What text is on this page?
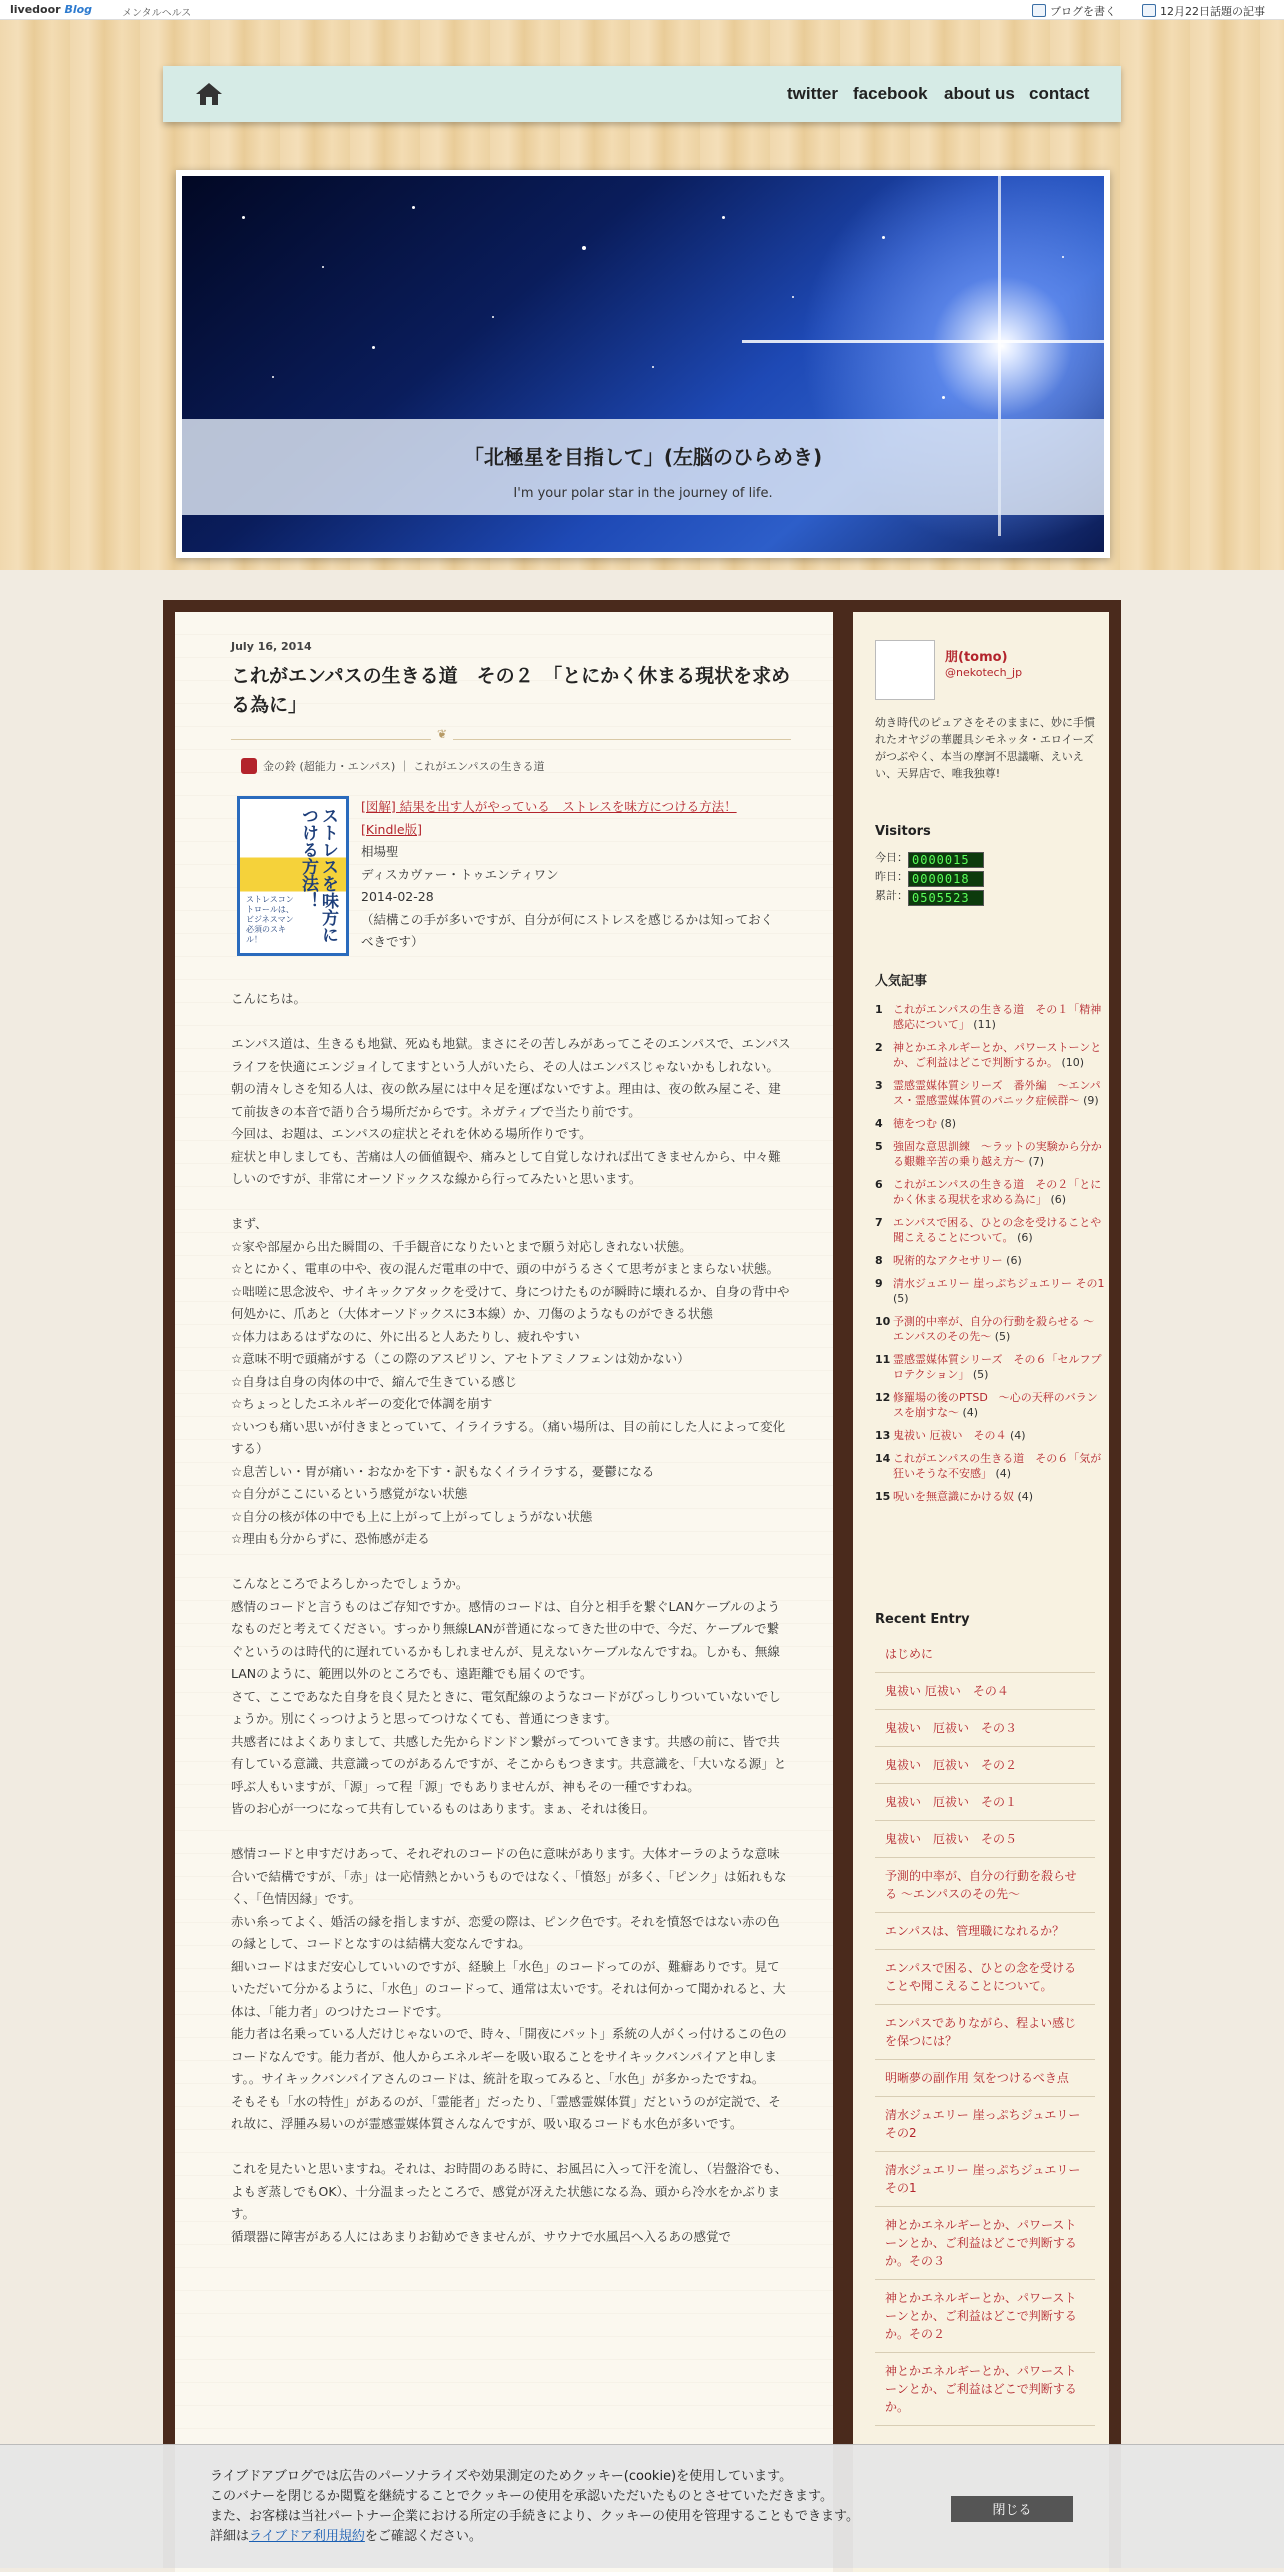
livedoor Blog	メンタルヘルス	ブログを書く	12月22日話題の記事
twitter facebook about us contact
「北極星を目指して」(左脳のひらめき)

I'm your polar star in the journey of life.

July 16, 2014
これがエンパスの生きる道　その２　「とにかく休まる現状を求める為に」
❦
金の鈴 (超能力・エンパス) ｜ これがエンパスの生きる道
ストレスを味方につける方法！
ストレスコントロールは、ビジネスマン必須のスキル！
[図解] 結果を出す人がやっている　ストレスを味方につける方法！
[Kindle版]
相場聖
ディスカヴァー・トゥエンティワン
2014-02-28
（結構この手が多いですが、自分が何にストレスを感じるかは知っておくべきです）

こんにちは。

エンパス道は、生きるも地獄、死ぬも地獄。まさにその苦しみがあってこそのエンパスで、エンパスライフを快適にエンジョイしてますという人がいたら、その人はエンパスじゃないかもしれない。朝の清々しさを知る人は、夜の飲み屋には中々足を運ばないですよ。理由は、夜の飲み屋こそ、建て前抜きの本音で語り合う場所だからです。ネガティブで当たり前です。
今回は、お題は、エンパスの症状とそれを休める場所作りです。
症状と申しましても、苦痛は人の価値観や、痛みとして自覚しなければ出てきませんから、中々難しいのですが、非常にオーソドックスな線から行ってみたいと思います。

まず、
☆家や部屋から出た瞬間の、千手観音になりたいとまで願う対応しきれない状態。
☆とにかく、電車の中や、夜の混んだ電車の中で、頭の中がうるさくて思考がまとまらない状態。
☆咄嗟に思念波や、サイキックアタックを受けて、身につけたものが瞬時に壊れるか、自身の背中や何処かに、爪あと（大体オーソドックスに3本線）か、刀傷のようなものができる状態
☆体力はあるはずなのに、外に出ると人あたりし、疲れやすい
☆意味不明で頭痛がする（この際のアスピリン、アセトアミノフェンは効かない）
☆自身は自身の肉体の中で、縮んで生きている感じ
☆ちょっとしたエネルギーの変化で体調を崩す
☆いつも痛い思いが付きまとっていて、イライラする。（痛い場所は、目の前にした人によって変化する）
☆息苦しい・胃が痛い・おなかを下す・訳もなくイライラする，憂鬱になる
☆自分がここにいるという感覚がない状態
☆自分の核が体の中でも上に上がって上がってしょうがない状態
☆理由も分からずに、恐怖感が走る

こんなところでよろしかったでしょうか。
感情のコードと言うものはご存知ですか。感情のコードは、自分と相手を繋ぐLANケーブルのようなものだと考えてください。すっかり無線LANが普通になってきた世の中で、今だ、ケーブルで繋ぐというのは時代的に遅れているかもしれませんが、見えないケーブルなんですね。しかも、無線LANのように、範囲以外のところでも、遠距離でも届くのです。
さて、ここであなた自身を良く見たときに、電気配線のようなコードがびっしりついていないでしょうか。別にくっつけようと思ってつけなくても、普通につきます。
共感者にはよくありまして、共感した先からドンドン繋がってついてきます。共感の前に、皆で共有している意識、共意識ってのがあるんですが、そこからもつきます。共意識を、「大いなる源」と呼ぶ人もいますが、「源」って程「源」でもありませんが、神もその一種ですわね。
皆のお心が一つになって共有しているものはあります。まぁ、それは後日。

感情コードと申すだけあって、それぞれのコードの色に意味があります。大体オーラのような意味合いで結構ですが、「赤」は一応情熱とかいうものではなく、「憤怒」が多く、「ピンク」は妬れもなく、「色情因縁」です。
赤い糸ってよく、婚活の縁を指しますが、恋愛の際は、ピンク色です。それを憤怒ではない赤の色の縁として、コードとなすのは結構大変なんですね。
細いコードはまだ安心していいのですが、経験上「水色」のコードってのが、難癖ありです。見ていただいて分かるように、「水色」のコードって、通常は太いです。それは何かって聞かれると、大体は、「能力者」のつけたコードです。
能力者は名乗っている人だけじゃないので、時々、「開夜にパット」系統の人がくっ付けるこの色のコードなんです。能力者が、他人からエネルギーを吸い取ることをサイキックバンパイアと申します。。サイキックバンパイアさんのコードは、統計を取ってみると、「水色」が多かったですね。
そもそも「水の特性」があるのが、「霊能者」だったり、「霊感霊媒体質」だというのが定説で、それ故に、浮腫み易いのが霊感霊媒体質さんなんですが、吸い取るコードも水色が多いです。

これを見たいと思いますね。それは、お時間のある時に、お風呂に入って汗を流し、（岩盤浴でも、よもぎ蒸しでもOK）、十分温まったところで、感覚が冴えた状態になる為、頭から冷水をかぶります。
循環器に障害がある人にはあまりお勧めできませんが、サウナで水風呂へ入るあの感覚で

朋(tomo)
@nekotech_jp
幼き時代のピュアさをそのままに、妙に手慣れたオヤジの華麗具シモネッタ・エロイーズがつぶやく、本当の摩訶不思議噺、えいえい、天昇店で、唯我独尊!
Visitors
今日： 0000015
昨日： 0000018
累計： 0505523
人気記事
1 これがエンパスの生きる道　その１「精神感応について」 (11)
2 神とかエネルギーとか、パワーストーンとか、ご利益はどこで判断するか。 (10)
3 霊感霊媒体質シリーズ　番外編　～エンパス・霊感霊媒体質のパニック症候群～ (9)
4 徳をつむ (8)
5 強固な意思訓練　～ラットの実験から分かる艱難辛苦の乗り越え方～ (7)
6 これがエンパスの生きる道　その２「とにかく休まる現状を求める為に」 (6)
7 エンパスで困る、ひとの念を受けることや聞こえることについて。 (6)
8 呪術的なアクセサリー (6)
9 清水ジュエリー 崖っぷちジュエリー その1 (5)
10 予測的中率が、自分の行動を殺らせる ～エンパスのその先～ (5)
11 霊感霊媒体質シリーズ　その６「セルフプロテクション」 (5)
12 修羅場の後のPTSD　～心の天秤のバランスを崩すな～ (4)
13 鬼祓い 厄祓い　その４ (4)
14 これがエンパスの生きる道　その６「気が狂いそうな不安感」 (4)
15 呪いを無意識にかける奴 (4)
Recent Entry
はじめに
鬼祓い 厄祓い　その４
鬼祓い　厄祓い　その３
鬼祓い　厄祓い　その２
鬼祓い　厄祓い　その１
鬼祓い　厄祓い　その５
予測的中率が、自分の行動を殺らせる ～エンパスのその先～
エンパスは、管理職になれるか？
エンパスで困る、ひとの念を受けることや聞こえることについて。
エンパスでありながら、程よい感じを保つには？
明晰夢の副作用 気をつけるべき点
清水ジュエリー 崖っぷちジュエリー その2
清水ジュエリー 崖っぷちジュエリー その1
神とかエネルギーとか、パワーストーンとか、ご利益はどこで判断するか。その３
神とかエネルギーとか、パワーストーンとか、ご利益はどこで判断するか。その２
神とかエネルギーとか、パワーストーンとか、ご利益はどこで判断するか。
ライブドアブログでは広告のパーソナライズや効果測定のためクッキー(cookie)を使用しています。
このバナーを閉じるか閲覧を継続することでクッキーの使用を承認いただいたものとさせていただきます。
また、お客様は当社パートナー企業における所定の手続きにより、クッキーの使用を管理することもできます。
詳細はライブドア利用規約をご確認ください。
閉じる
